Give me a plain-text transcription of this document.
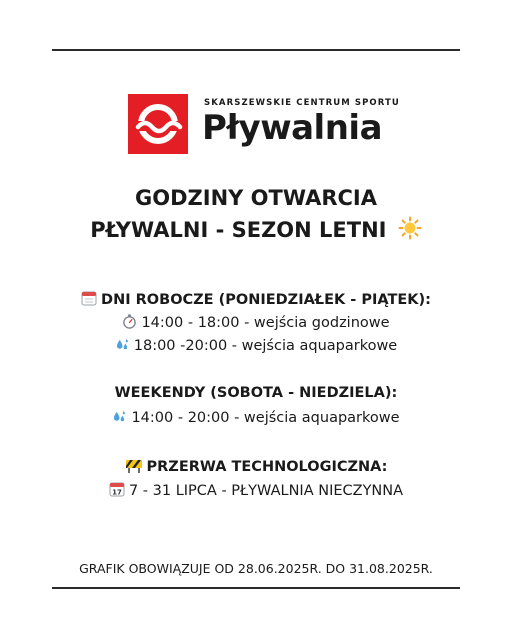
SKARSZEWSKIE CENTRUM SPORTU
Pływalnia
GODZINY OTWARCIA
PŁYWALNI - SEZON LETNI
DNI ROBOCZE (PONIEDZIAŁEK - PIĄTEK):
14:00 - 18:00 - wejścia godzinowe
18:00 -20:00 - wejścia aquaparkowe
WEEKENDY (SOBOTA - NIEDZIELA):
14:00 - 20:00 - wejścia aquaparkowe
PRZERWA TECHNOLOGICZNA:
17 7 - 31 LIPCA - PŁYWALNIA NIECZYNNA
GRAFIK OBOWIĄZUJE OD 28.06.2025R. DO 31.08.2025R.
